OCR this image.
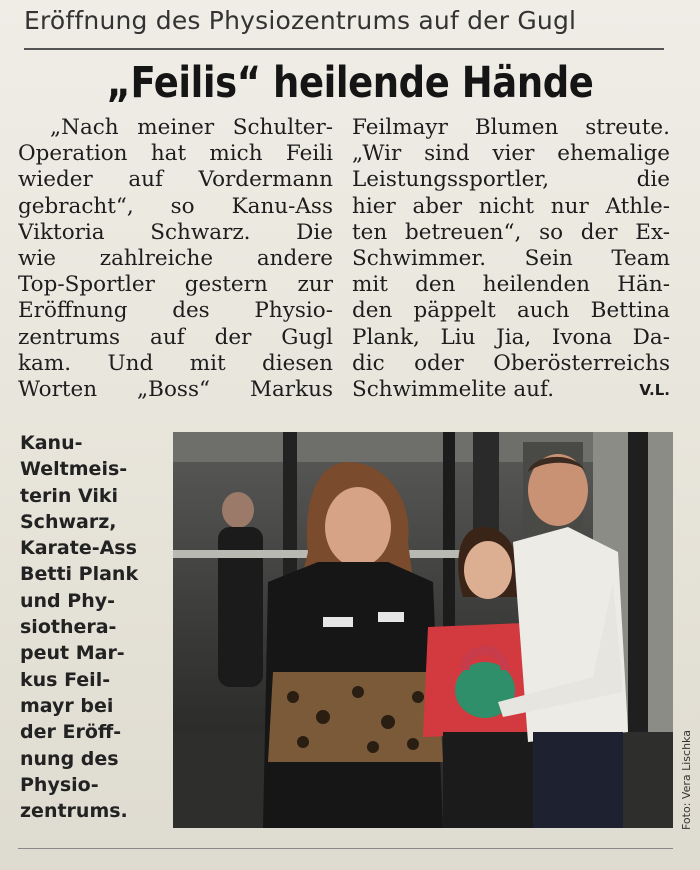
Eröffnung des Physiozentrums auf der Gugl
„Feilis“ heilende Hände
„Nach meiner Schulter-
Operation hat mich Feili
wieder auf Vordermann
gebracht“, so Kanu-Ass
Viktoria Schwarz. Die
wie zahlreiche andere
Top-Sportler gestern zur
Eröffnung des Physio-
zentrums auf der Gugl
kam. Und mit diesen
Worten „Boss“ Markus
Feilmayr Blumen streute.
„Wir sind vier ehemalige
Leistungssportler,	die
hier aber nicht nur Athle-
ten betreuen“, so der Ex-
Schwimmer. Sein Team
mit den heilenden Hän-
den päppelt auch Bettina
Plank, Liu Jia, Ivona Da-
dic oder Oberösterreichs
Schwimmelite auf.	V.L.
Kanu-
Weltmeis-
terin Viki
Schwarz,
Karate-Ass
Betti Plank
und Phy-
siothera-
peut Mar-
kus Feil-
mayr bei
der Eröff-
nung des
Physio-
zentrums.	Foto: Vera Lischka
